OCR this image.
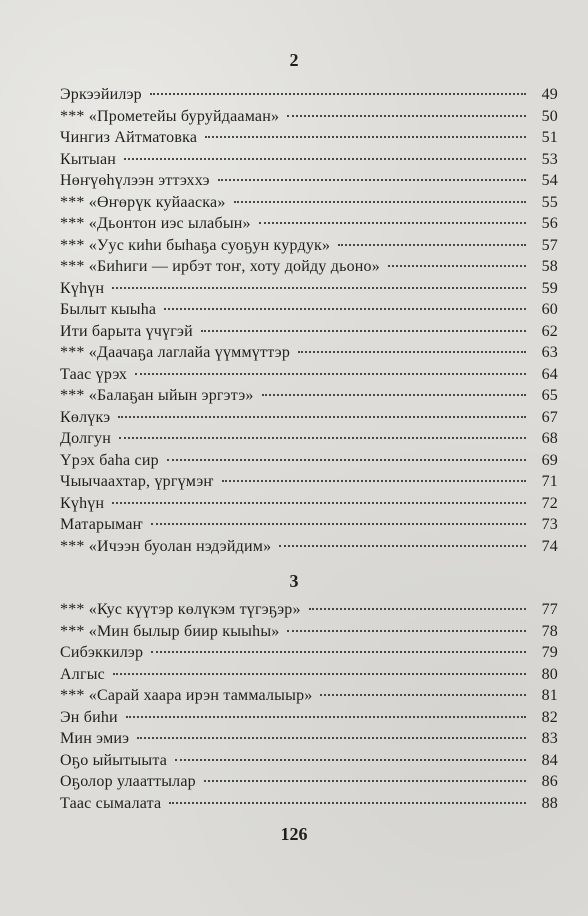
2
Эркээйилэр	49
*** «Прометейы буруйдааман»	50
Чингиз Айтматовка	51
Кытыан	53
Нөҥүөһүлээн эттэххэ	54
*** «Өҥөрүк куйааска»	55
*** «Дьонтон иэс ылабын»	56
*** «Уус киһи быһаҕа суоҕун курдук»	57
*** «Биһиги — ирбэт тоҥ, хоту дойду дьоно»	58
Күһүн	59
Былыт кыыһа	60
Ити барыта үчүгэй	62
*** «Даачаҕа лаглайа үүммүттэр	63
Таас үрэх	64
*** «Балаҕан ыйын эргэтэ»	65
Көлүкэ	67
Долгун	68
Үрэх баһа сир	69
Чыычаахтар, үргүмэҥ	71
Күһүн	72
Матарымаҥ	73
*** «Ичээн буолан нэдэйдим»	74
3
*** «Кус күүтэр көлүкэм түгэҕэр»	77
*** «Мин былыр биир кыыһы»	78
Сибэккилэр	79
Алгыс	80
*** «Сарай хаара ирэн таммалыыр»	81
Эн биһи	82
Мин эмиэ	83
Оҕо ыйытыыта	84
Оҕолор улааттылар	86
Таас сымалата	88
126
